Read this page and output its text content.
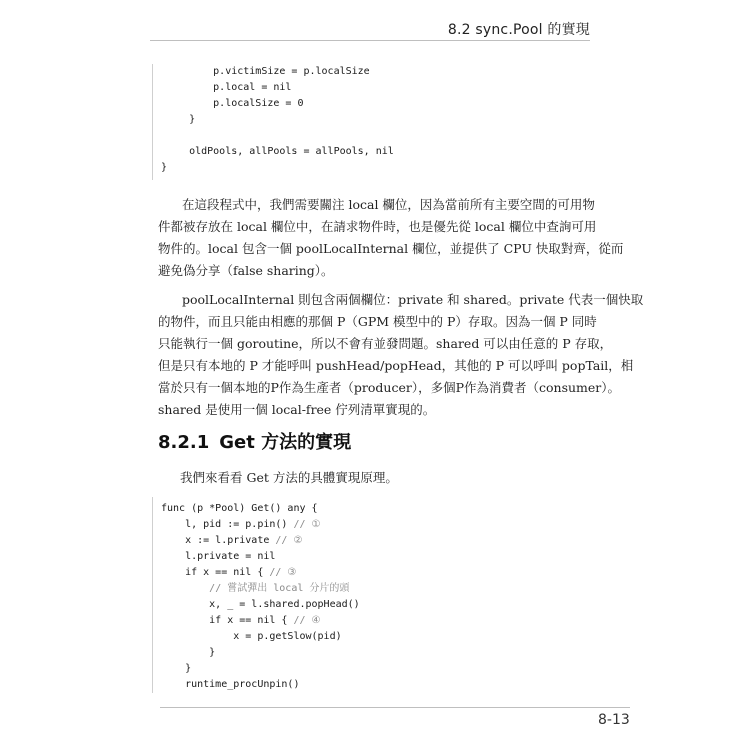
8.2 sync.Pool 的實現
p.victimSize = p.localSize
p.local = nil
p.localSize = 0
}
oldPools, allPools = allPools, nil
}
在這段程式中，我們需要關注 local 欄位，因為當前所有主要空間的可用物
件都被存放在 local 欄位中，在請求物件時，也是優先從 local 欄位中查詢可用
物件的。local 包含一個 poolLocalInternal 欄位，並提供了 CPU 快取對齊，從而
避免偽分享（false sharing）。
poolLocalInternal 則包含兩個欄位：private 和 shared。private 代表一個快取
的物件，而且只能由相應的那個 P（GPM 模型中的 P）存取。因為一個 P 同時
只能執行一個 goroutine，所以不會有並發問題。shared 可以由任意的 P 存取，
但是只有本地的 P 才能呼叫 pushHead/popHead，其他的 P 可以呼叫 popTail，相
當於只有一個本地的P作為生產者（producer），多個P作為消費者（consumer）。
shared 是使用一個 local-free 佇列清單實現的。
8.2.1 Get 方法的實現
我們來看看 Get 方法的具體實現原理。
func (p *Pool) Get() any {
l, pid := p.pin() // ①
x := l.private // ②
l.private = nil
if x == nil { // ③
// 嘗試彈出 local 分片的頭
x, _ = l.shared.popHead()
if x == nil { // ④
x = p.getSlow(pid)
}
}
runtime_procUnpin()
8-13
